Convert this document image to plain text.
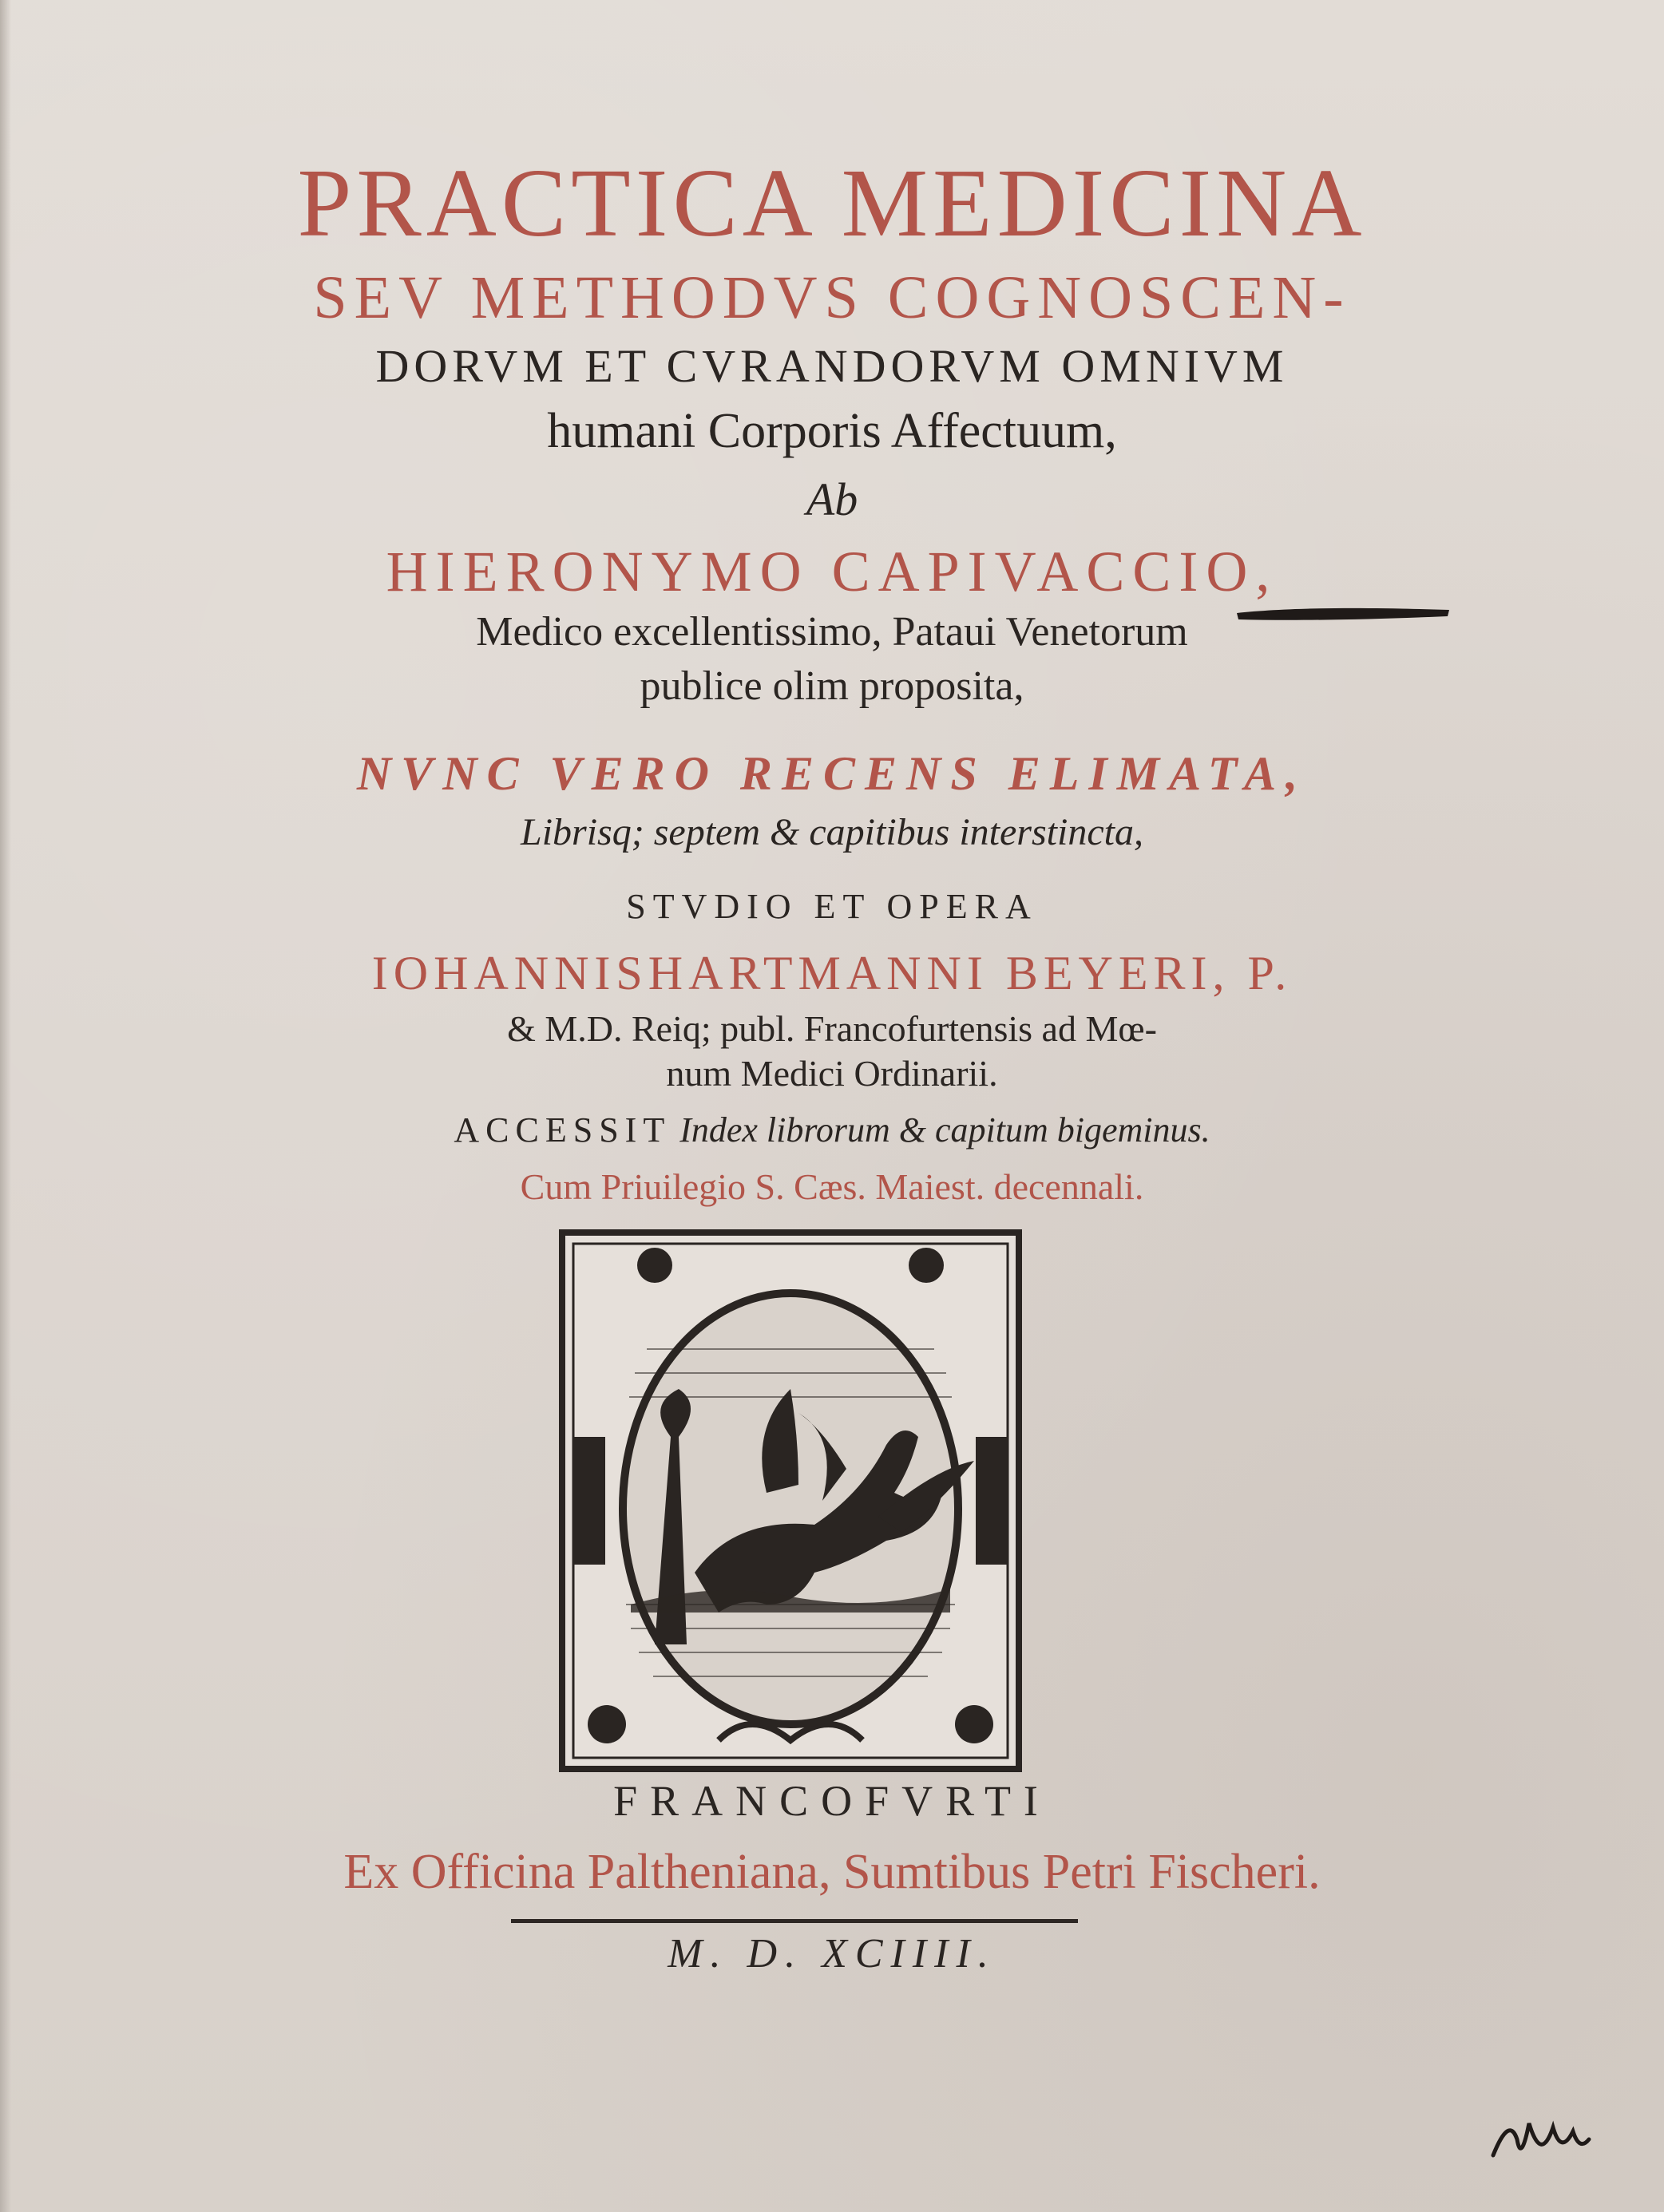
PRACTICA MEDICINA

SEV METHODVS COGNOSCEN-

DORVM ET CVRANDORVM OMNIVM

humani Corporis Affectuum,

Ab

HIERONYMO CAPIVACCIO,

Medico excellentissimo, Pataui Venetorum

publice olim proposita,

NVNC VERO RECENS ELIMATA,

Librisq; septem & capitibus interstincta,

STVDIO ET OPERA

IOHANNISHARTMANNI BEYERI, P.

& M.D. Reiq; publ. Francofurtensis ad Mœ-

num Medici Ordinarii.

ACCESSIT Index librorum & capitum bigeminus.

Cum Priuilegio S. Cæs. Maiest. decennali.

FRANCOFVRTI

Ex Officina Paltheniana, Sumtibus Petri Fischeri.

M. D. XCIIII.
